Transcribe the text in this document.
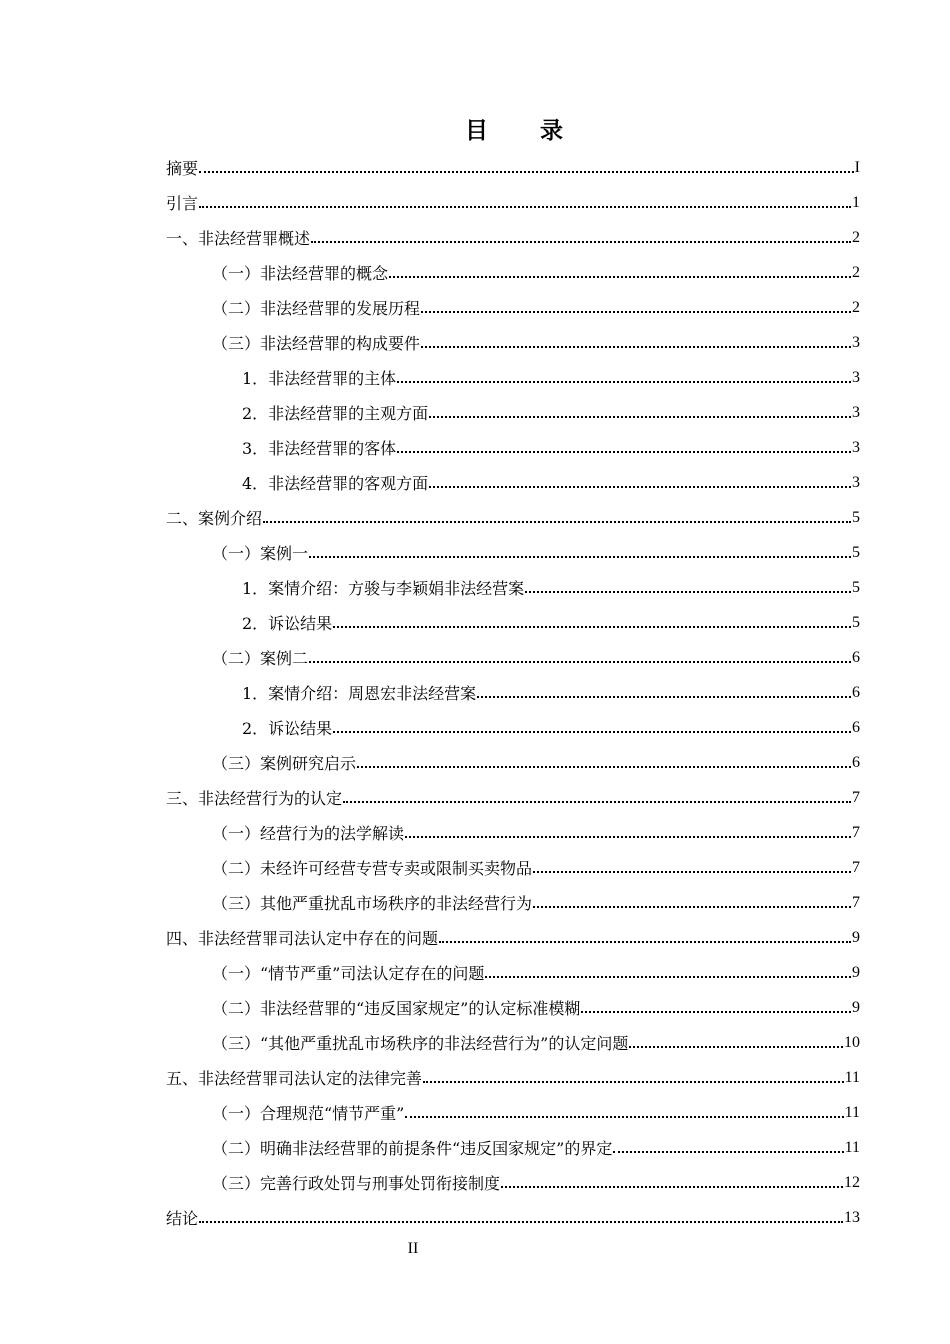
目　　录
摘要	I
引言	1
一、非法经营罪概述	2
（一）非法经营罪的概念	2
（二）非法经营罪的发展历程	2
（三）非法经营罪的构成要件	3
1．非法经营罪的主体	3
2．非法经营罪的主观方面	3
3．非法经营罪的客体	3
4．非法经营罪的客观方面	3
二、案例介绍	5
（一）案例一	5
1．案情介绍：方骏与李颖娟非法经营案	5
2．诉讼结果	5
（二）案例二	6
1．案情介绍：周恩宏非法经营案	6
2．诉讼结果	6
（三）案例研究启示	6
三、非法经营行为的认定	7
（一）经营行为的法学解读	7
（二）未经许可经营专营专卖或限制买卖物品	7
（三）其他严重扰乱市场秩序的非法经营行为	7
四、非法经营罪司法认定中存在的问题	9
（一）“情节严重”司法认定存在的问题	9
（二）非法经营罪的“违反国家规定”的认定标准模糊	9
（三）“其他严重扰乱市场秩序的非法经营行为”的认定问题	10
五、非法经营罪司法认定的法律完善	11
（一）合理规范“情节严重”	11
（二）明确非法经营罪的前提条件“违反国家规定”的界定	11
（三）完善行政处罚与刑事处罚衔接制度	12
结论	13
II
